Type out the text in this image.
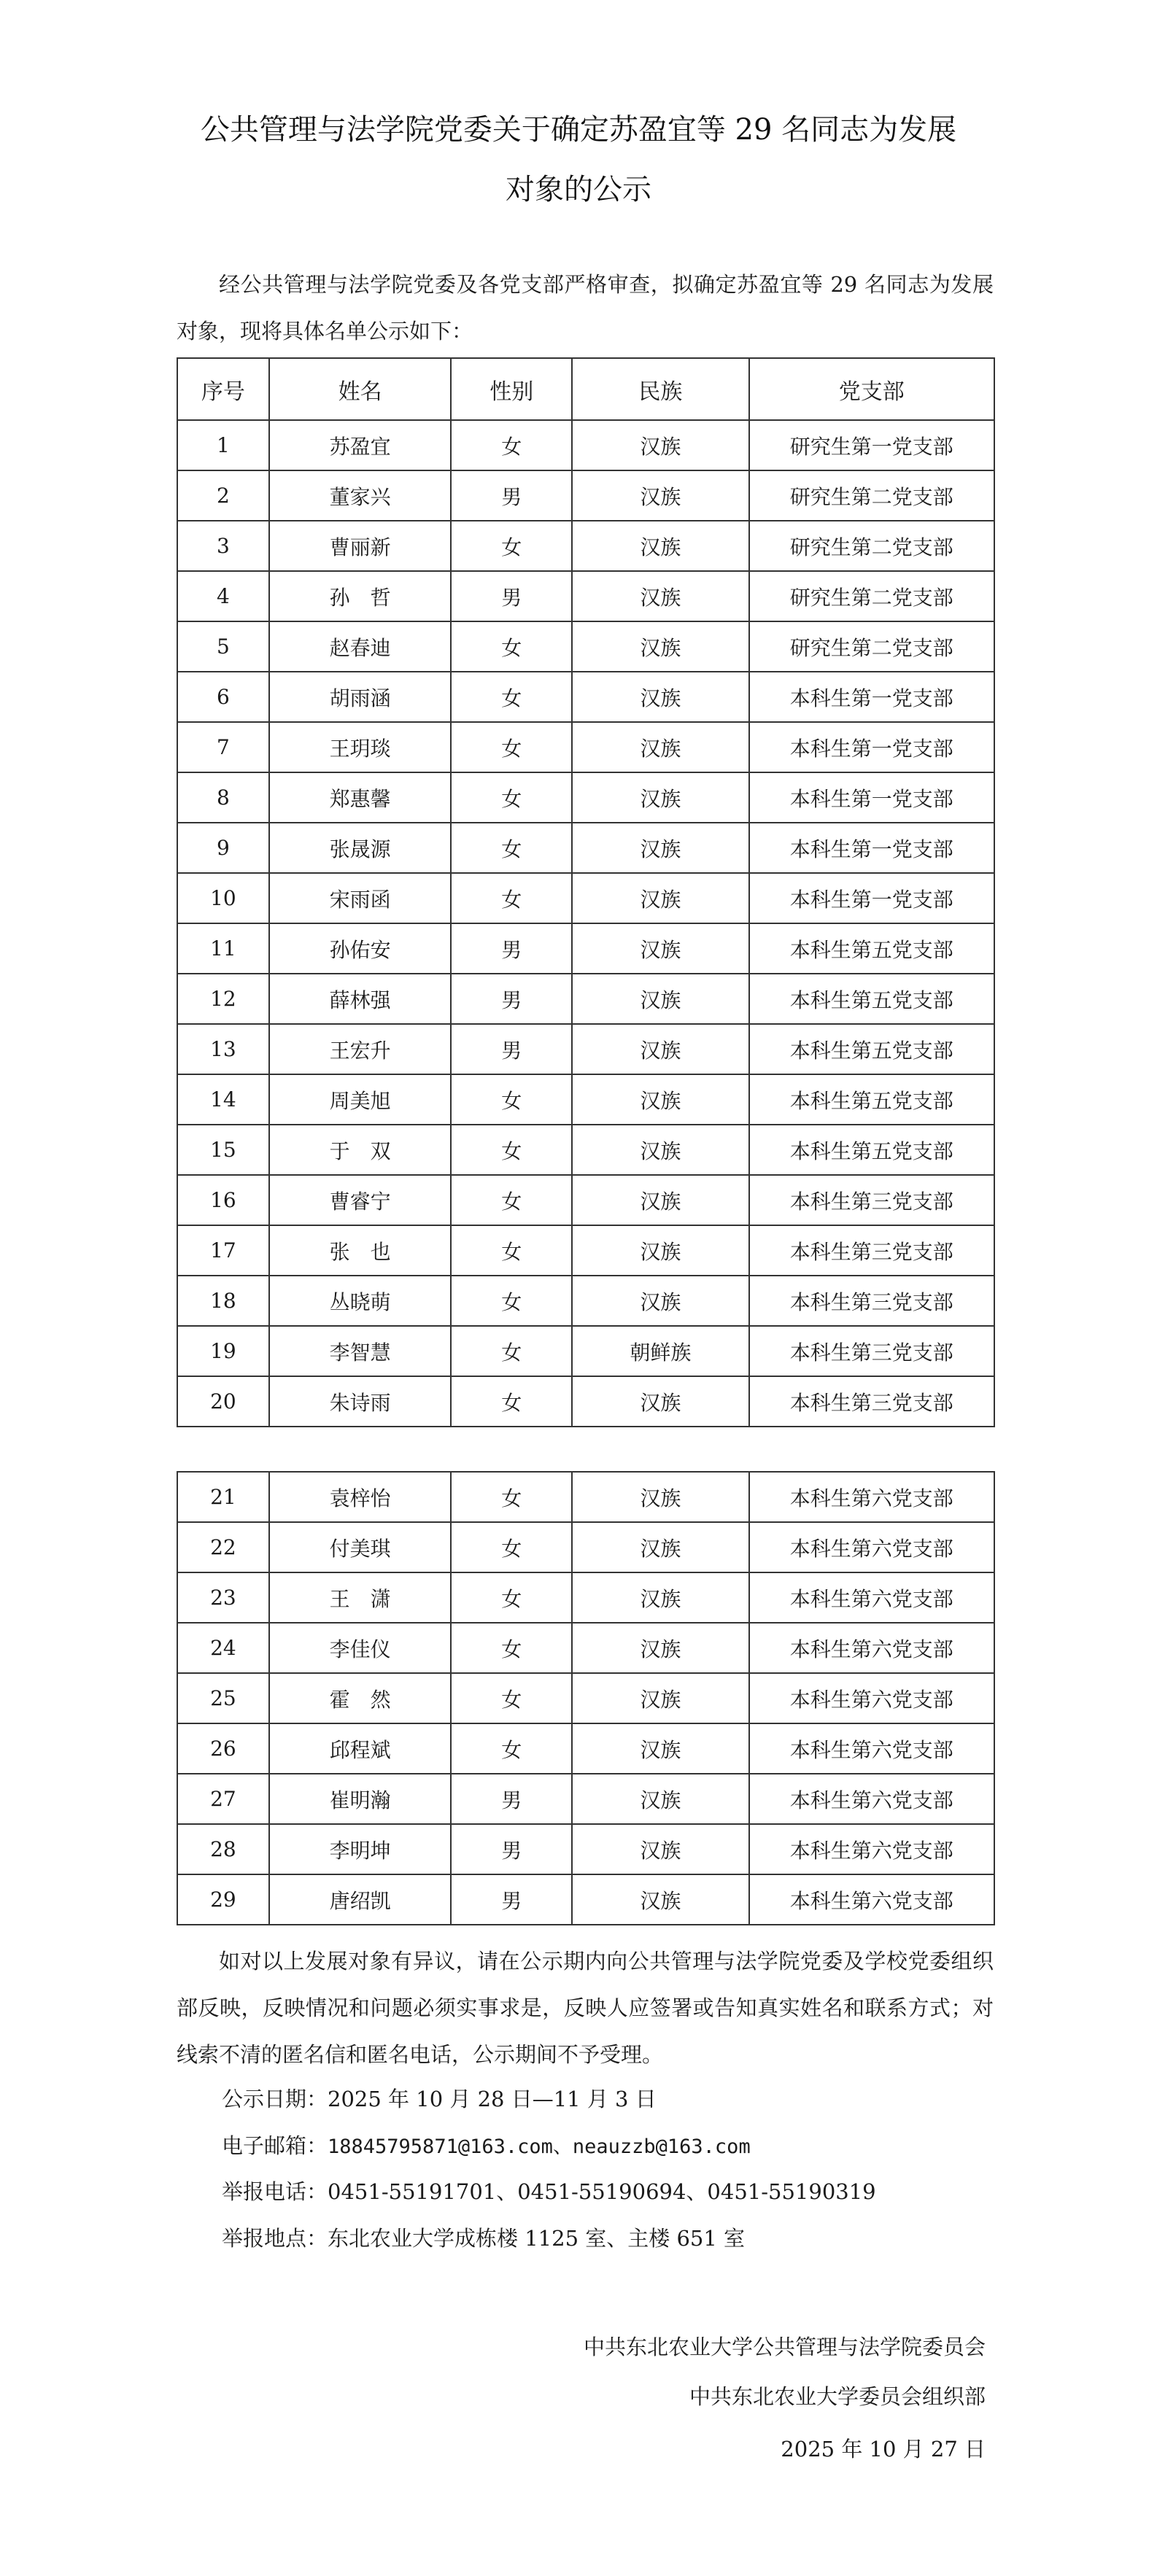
公共管理与法学院党委关于确定苏盈宜等 29 名同志为发展
对象的公示

经公共管理与法学院党委及各党支部严格审查，拟确定苏盈宜等 29 名同志为发展对象，现将具体名单公示如下：

序号	姓名	性别	民族	党支部
1	苏盈宜	女	汉族	研究生第一党支部
2	董家兴	男	汉族	研究生第二党支部
3	曹丽新	女	汉族	研究生第二党支部
4	孙　哲	男	汉族	研究生第二党支部
5	赵春迪	女	汉族	研究生第二党支部
6	胡雨涵	女	汉族	本科生第一党支部
7	王玥琰	女	汉族	本科生第一党支部
8	郑惠馨	女	汉族	本科生第一党支部
9	张晟源	女	汉族	本科生第一党支部
10	宋雨函	女	汉族	本科生第一党支部
11	孙佑安	男	汉族	本科生第五党支部
12	薛林强	男	汉族	本科生第五党支部
13	王宏升	男	汉族	本科生第五党支部
14	周美旭	女	汉族	本科生第五党支部
15	于　双	女	汉族	本科生第五党支部
16	曹睿宁	女	汉族	本科生第三党支部
17	张　也	女	汉族	本科生第三党支部
18	丛晓萌	女	汉族	本科生第三党支部
19	李智慧	女	朝鲜族	本科生第三党支部
20	朱诗雨	女	汉族	本科生第三党支部
21	袁梓怡	女	汉族	本科生第六党支部
22	付美琪	女	汉族	本科生第六党支部
23	王　潇	女	汉族	本科生第六党支部
24	李佳仪	女	汉族	本科生第六党支部
25	霍　然	女	汉族	本科生第六党支部
26	邱程斌	女	汉族	本科生第六党支部
27	崔明瀚	男	汉族	本科生第六党支部
28	李明坤	男	汉族	本科生第六党支部
29	唐绍凯	男	汉族	本科生第六党支部

如对以上发展对象有异议，请在公示期内向公共管理与法学院党委及学校党委组织部反映，反映情况和问题必须实事求是，反映人应签署或告知真实姓名和联系方式；对线索不清的匿名信和匿名电话，公示期间不予受理。

公示日期：2025 年 10 月 28 日—11 月 3 日
电子邮箱：18845795871@163.com、neauzzb@163.com
举报电话：0451-55191701、0451-55190694、0451-55190319
举报地点：东北农业大学成栋楼 1125 室、主楼 651 室
中共东北农业大学公共管理与法学院委员会
中共东北农业大学委员会组织部
2025 年 10 月 27 日
